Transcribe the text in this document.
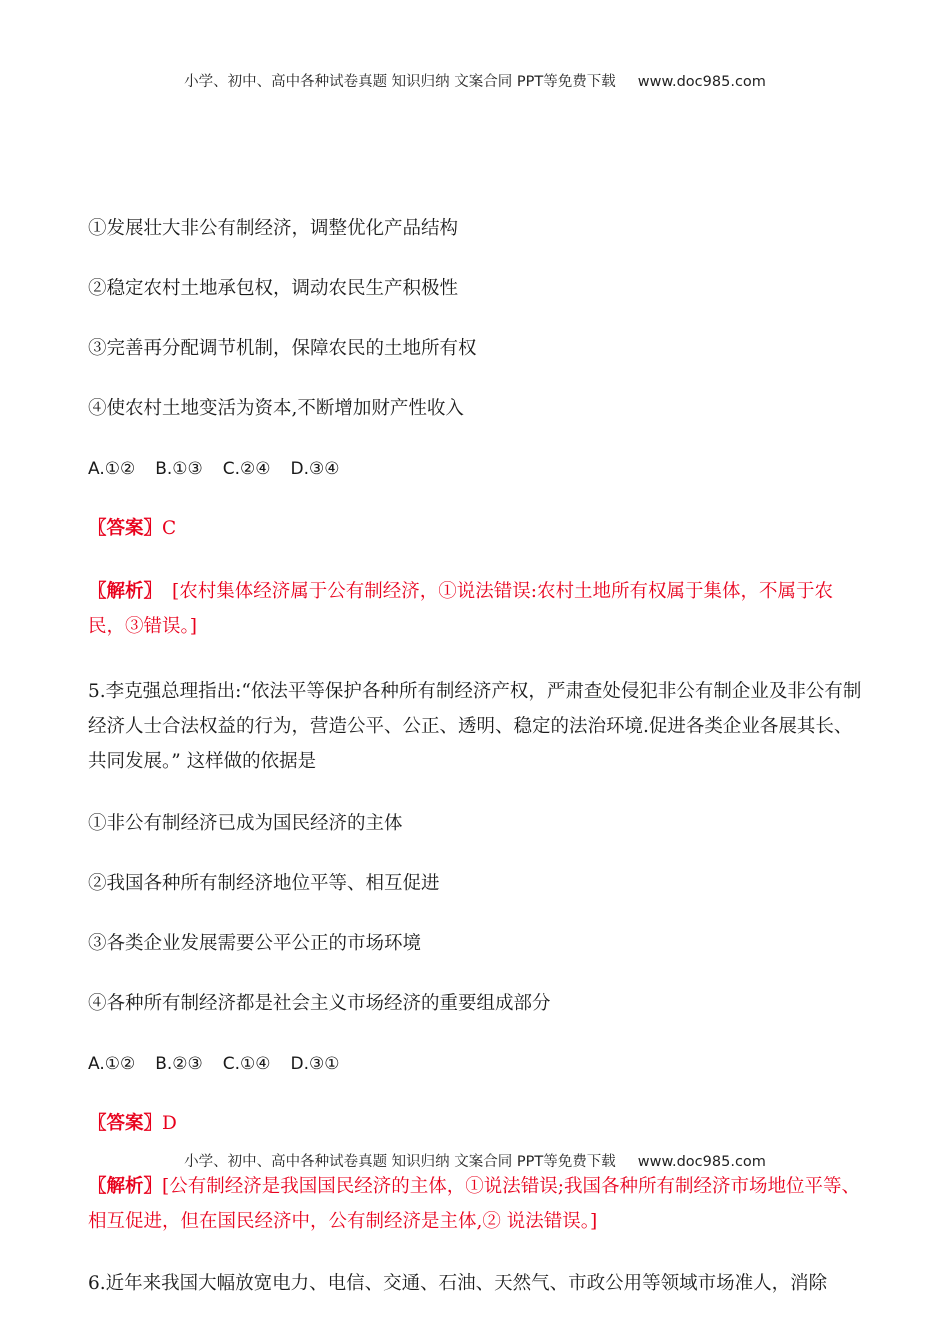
小学、初中、高中各种试卷真题 知识归纳 文案合同 PPT等免费下载 www.doc985.com
①发展壮大非公有制经济，调整优化产品结构
②稳定农村土地承包权，调动农民生产积极性
③完善再分配调节机制，保障农民的土地所有权
④使农村土地变活为资本,不断增加财产性收入
A.①② B.①③ C.②④ D.③④
〖答案〗C
〖解析〗 [农村集体经济属于公有制经济，①说法错误:农村土地所有权属于集体，不属于农民，③错误。]
5.李克强总理指出:“依法平等保护各种所有制经济产权，严肃查处侵犯非公有制企业及非公有制经济人士合法权益的行为，营造公平、公正、透明、稳定的法治环境.促进各类企业各展其长、共同发展。” 这样做的依据是
①非公有制经济已成为国民经济的主体
②我国各种所有制经济地位平等、相互促进
③各类企业发展需要公平公正的市场环境
④各种所有制经济都是社会主义市场经济的重要组成部分
A.①② B.②③ C.①④ D.③①
〖答案〗D
〖解析〗[公有制经济是我国国民经济的主体，①说法错误;我国各种所有制经济市场地位平等、相互促进，但在国民经济中，公有制经济是主体,② 说法错误。]
6.近年来我国大幅放宽电力、电信、交通、石油、天然气、市政公用等领域市场准人，消除
小学、初中、高中各种试卷真题 知识归纳 文案合同 PPT等免费下载 www.doc985.com
